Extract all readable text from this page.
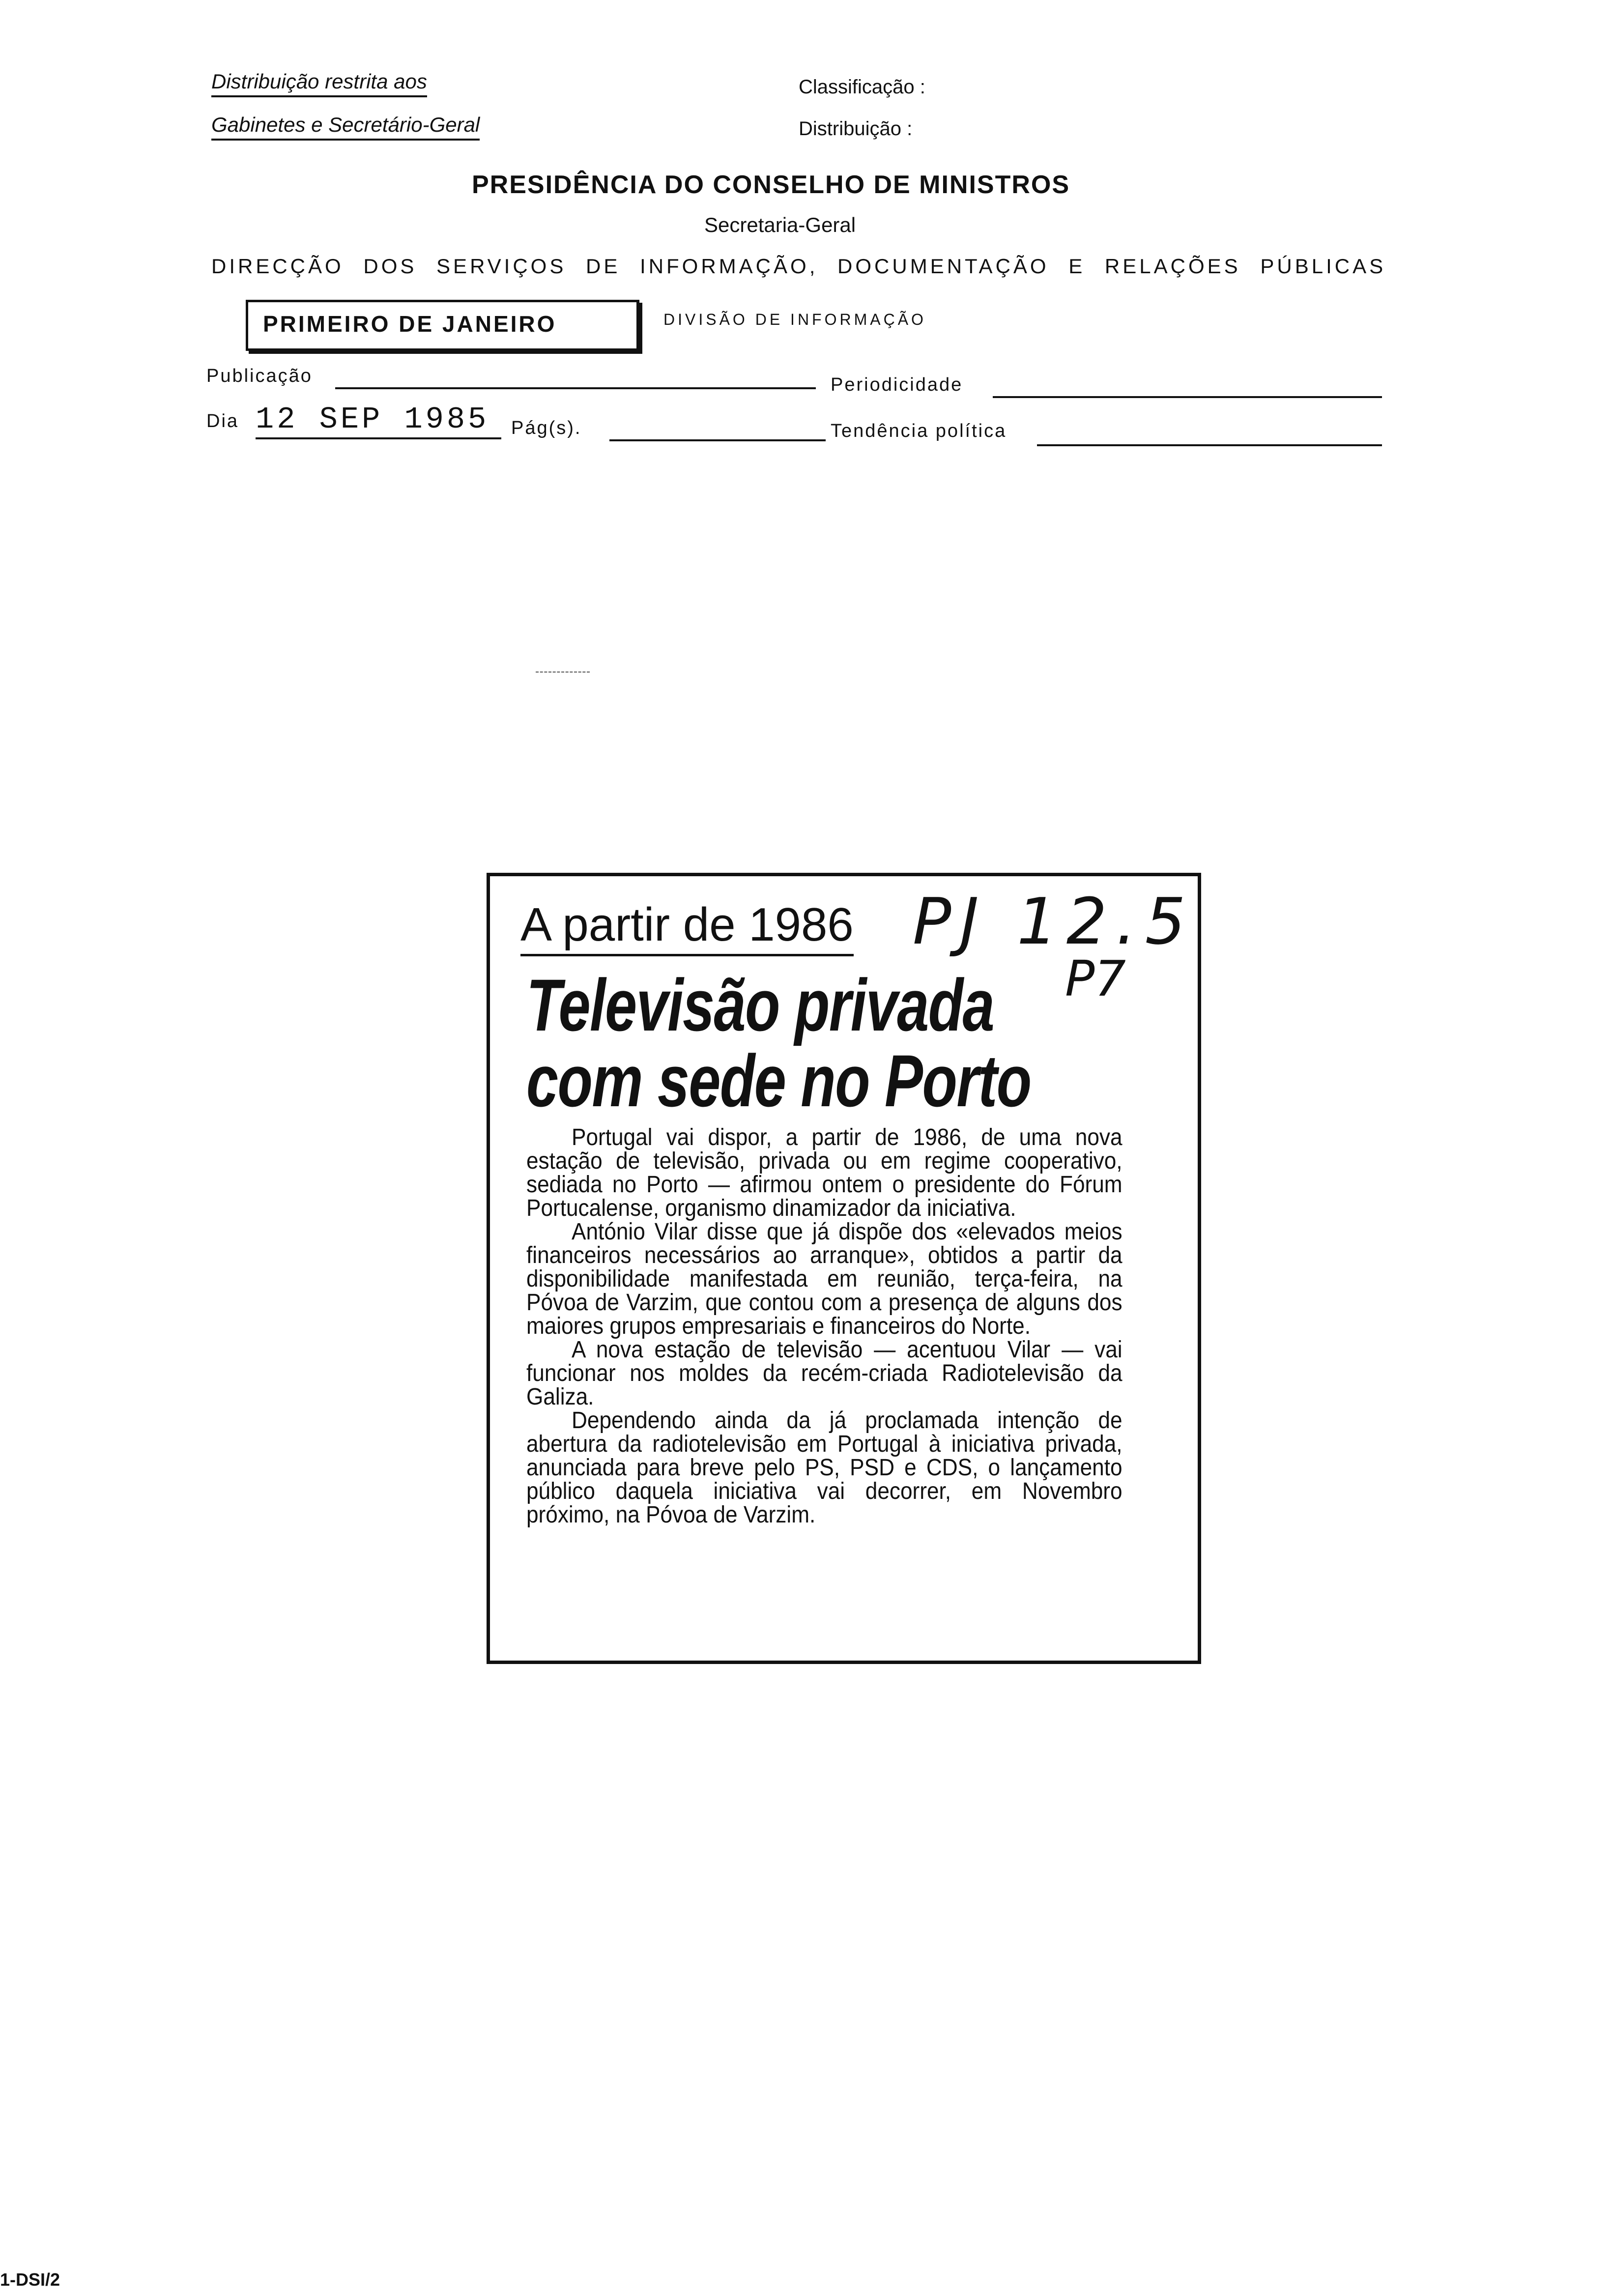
Distribuição restrita aos
Gabinetes e Secretário-Geral
Classificação :
Distribuição :
PRESIDÊNCIA DO CONSELHO DE MINISTROS
Secretaria-Geral
DIRECÇÃO DOS SERVIÇOS DE INFORMAÇÃO, DOCUMENTAÇÃO E RELAÇÕES PÚBLICAS
PRIMEIRO DE JANEIRO	DIVISÃO DE INFORMAÇÃO
Publicação	Periodicidade
Dia 12 SEP 1985	Pág(s).	Tendência política
A partir de 1986 PJ 12.5
P7
Televisão privada
com sede no Porto

Portugal vai dispor, a partir de 1986, de uma nova estação de televisão, privada ou em regime cooperativo, sediada no Porto — afirmou ontem o presidente do Fórum Portucalense, organismo dinamizador da iniciativa.

António Vilar disse que já dispõe dos «elevados meios financeiros necessários ao arranque», obtidos a partir da disponibilidade manifestada em reunião, terça-feira, na Póvoa de Varzim, que contou com a presença de alguns dos maiores grupos empresariais e financeiros do Norte.

A nova estação de televisão — acentuou Vilar — vai funcionar nos moldes da recém-criada Radiotelevisão da Galiza.

Dependendo ainda da já proclamada intenção de abertura da radiotelevisão em Portugal à iniciativa privada, anunciada para breve pelo PS, PSD e CDS, o lançamento público daquela iniciativa vai decorrer, em Novembro próximo, na Póvoa de Varzim.

1-DSI/2
